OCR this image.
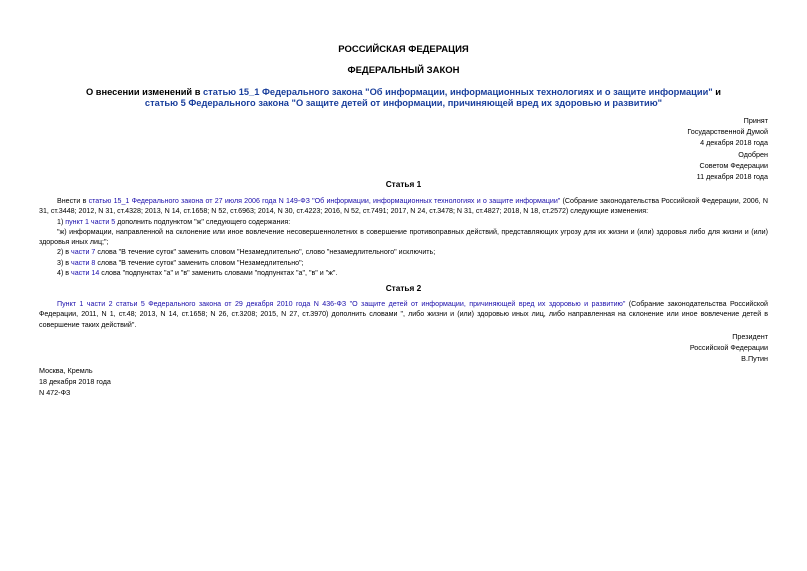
РОССИЙСКАЯ ФЕДЕРАЦИЯ
ФЕДЕРАЛЬНЫЙ ЗАКОН
О внесении изменений в статью 15_1 Федерального закона "Об информации, информационных технологиях и о защите информации" и
статью 5 Федерального закона "О защите детей от информации, причиняющей вред их здоровью и развитию"
Принят
Государственной Думой
4 декабря 2018 года
Одобрен
Советом Федерации
11 декабря 2018 года
Статья 1
Внести в статью 15_1 Федерального закона от 27 июля 2006 года N 149-ФЗ "Об информации, информационных технологиях и о защите информации" (Собрание законодательства Российской Федерации, 2006, N 31, ст.3448; 2012, N 31, ст.4328; 2013, N 14, ст.1658; N 52, ст.6963; 2014, N 30, ст.4223; 2016, N 52, ст.7491; 2017, N 24, ст.3478; N 31, ст.4827; 2018, N 18, ст.2572) следующие изменения:
1) пункт 1 части 5 дополнить подпунктом "ж" следующего содержания:
"ж) информации, направленной на склонение или иное вовлечение несовершеннолетних в совершение противоправных действий, представляющих угрозу для их жизни и (или) здоровья либо для жизни и (или) здоровья иных лиц;";
2) в части 7 слова "В течение суток" заменить словом "Незамедлительно", слово "незамедлительного" исключить;
3) в части 8 слова "В течение суток" заменить словом "Незамедлительно";
4) в части 14 слова "подпунктах "а" и "в" заменить словами "подпунктах "а", "в" и "ж".
Статья 2
Пункт 1 части 2 статьи 5 Федерального закона от 29 декабря 2010 года N 436-ФЗ "О защите детей от информации, причиняющей вред их здоровью и развитию" (Собрание законодательства Российской Федерации, 2011, N 1, ст.48; 2013, N 14, ст.1658; N 26, ст.3208; 2015, N 27, ст.3970) дополнить словами ", либо жизни и (или) здоровью иных лиц, либо направленная на склонение или иное вовлечение детей в совершение таких действий".
Президент
Российской Федерации
В.Путин
Москва, Кремль
18 декабря 2018 года
N 472-ФЗ
